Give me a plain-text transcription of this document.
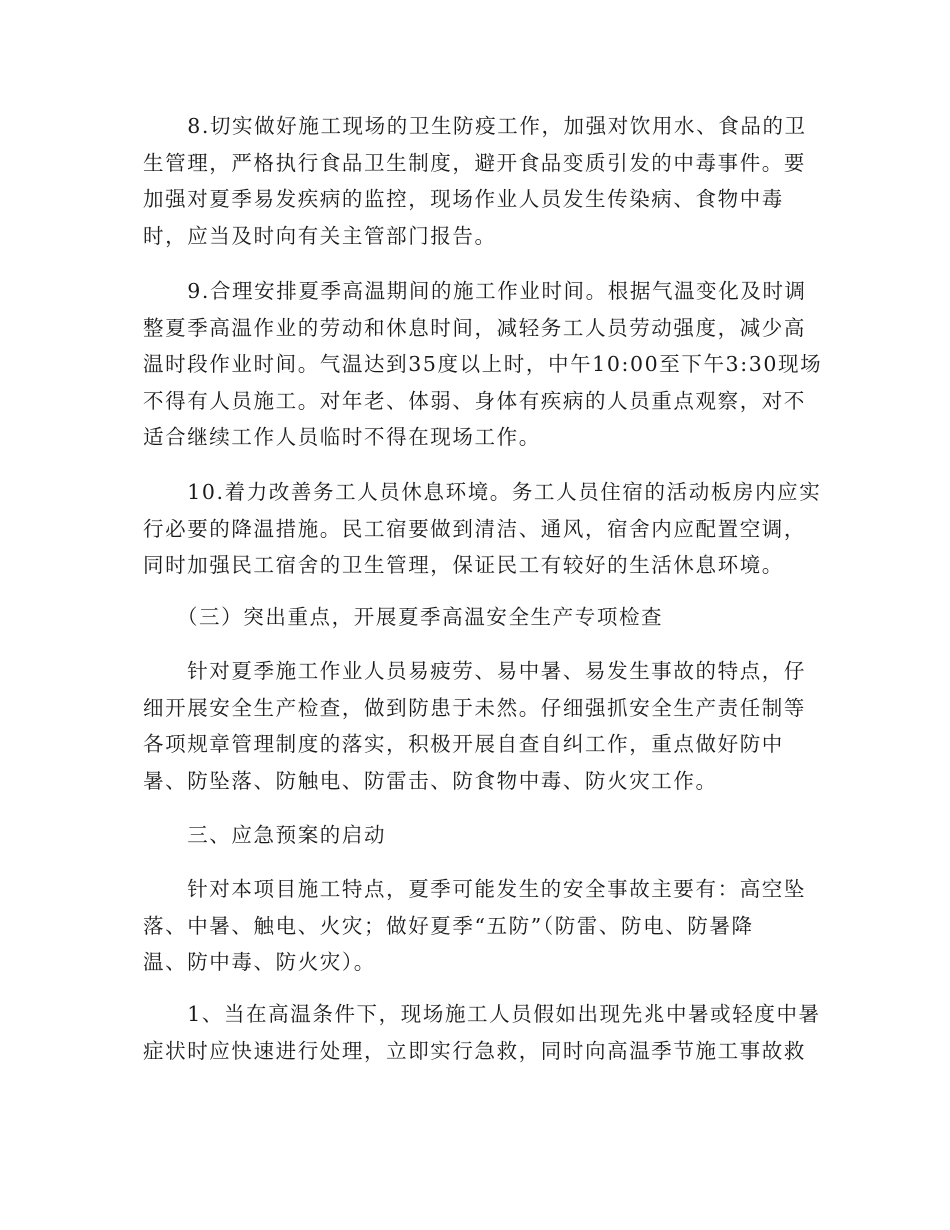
　　8.切实做好施工现场的卫生防疫工作，加强对饮用水、食品的卫
生管理，严格执行食品卫生制度，避开食品变质引发的中毒事件。要
加强对夏季易发疾病的监控，现场作业人员发生传染病、食物中毒
时，应当及时向有关主管部门报告。
　　9.合理安排夏季高温期间的施工作业时间。根据气温变化及时调
整夏季高温作业的劳动和休息时间，减轻务工人员劳动强度，减少高
温时段作业时间。气温达到35度以上时，中午10:00至下午3:30现场
不得有人员施工。对年老、体弱、身体有疾病的人员重点观察，对不
适合继续工作人员临时不得在现场工作。
　　10.着力改善务工人员休息环境。务工人员住宿的活动板房内应实
行必要的降温措施。民工宿要做到清洁、通风，宿舍内应配置空调，
同时加强民工宿舍的卫生管理，保证民工有较好的生活休息环境。
　　（三）突出重点，开展夏季高温安全生产专项检查
　　针对夏季施工作业人员易疲劳、易中暑、易发生事故的特点，仔
细开展安全生产检查，做到防患于未然。仔细强抓安全生产责任制等
各项规章管理制度的落实，积极开展自查自纠工作，重点做好防中
暑、防坠落、防触电、防雷击、防食物中毒、防火灾工作。
　　三、应急预案的启动
　　针对本项目施工特点，夏季可能发生的安全事故主要有：高空坠
落、中暑、触电、火灾；做好夏季“五防”（防雷、防电、防暑降
温、防中毒、防火灾）。
　　1、当在高温条件下，现场施工人员假如出现先兆中暑或轻度中暑
症状时应快速进行处理，立即实行急救，同时向高温季节施工事故救
